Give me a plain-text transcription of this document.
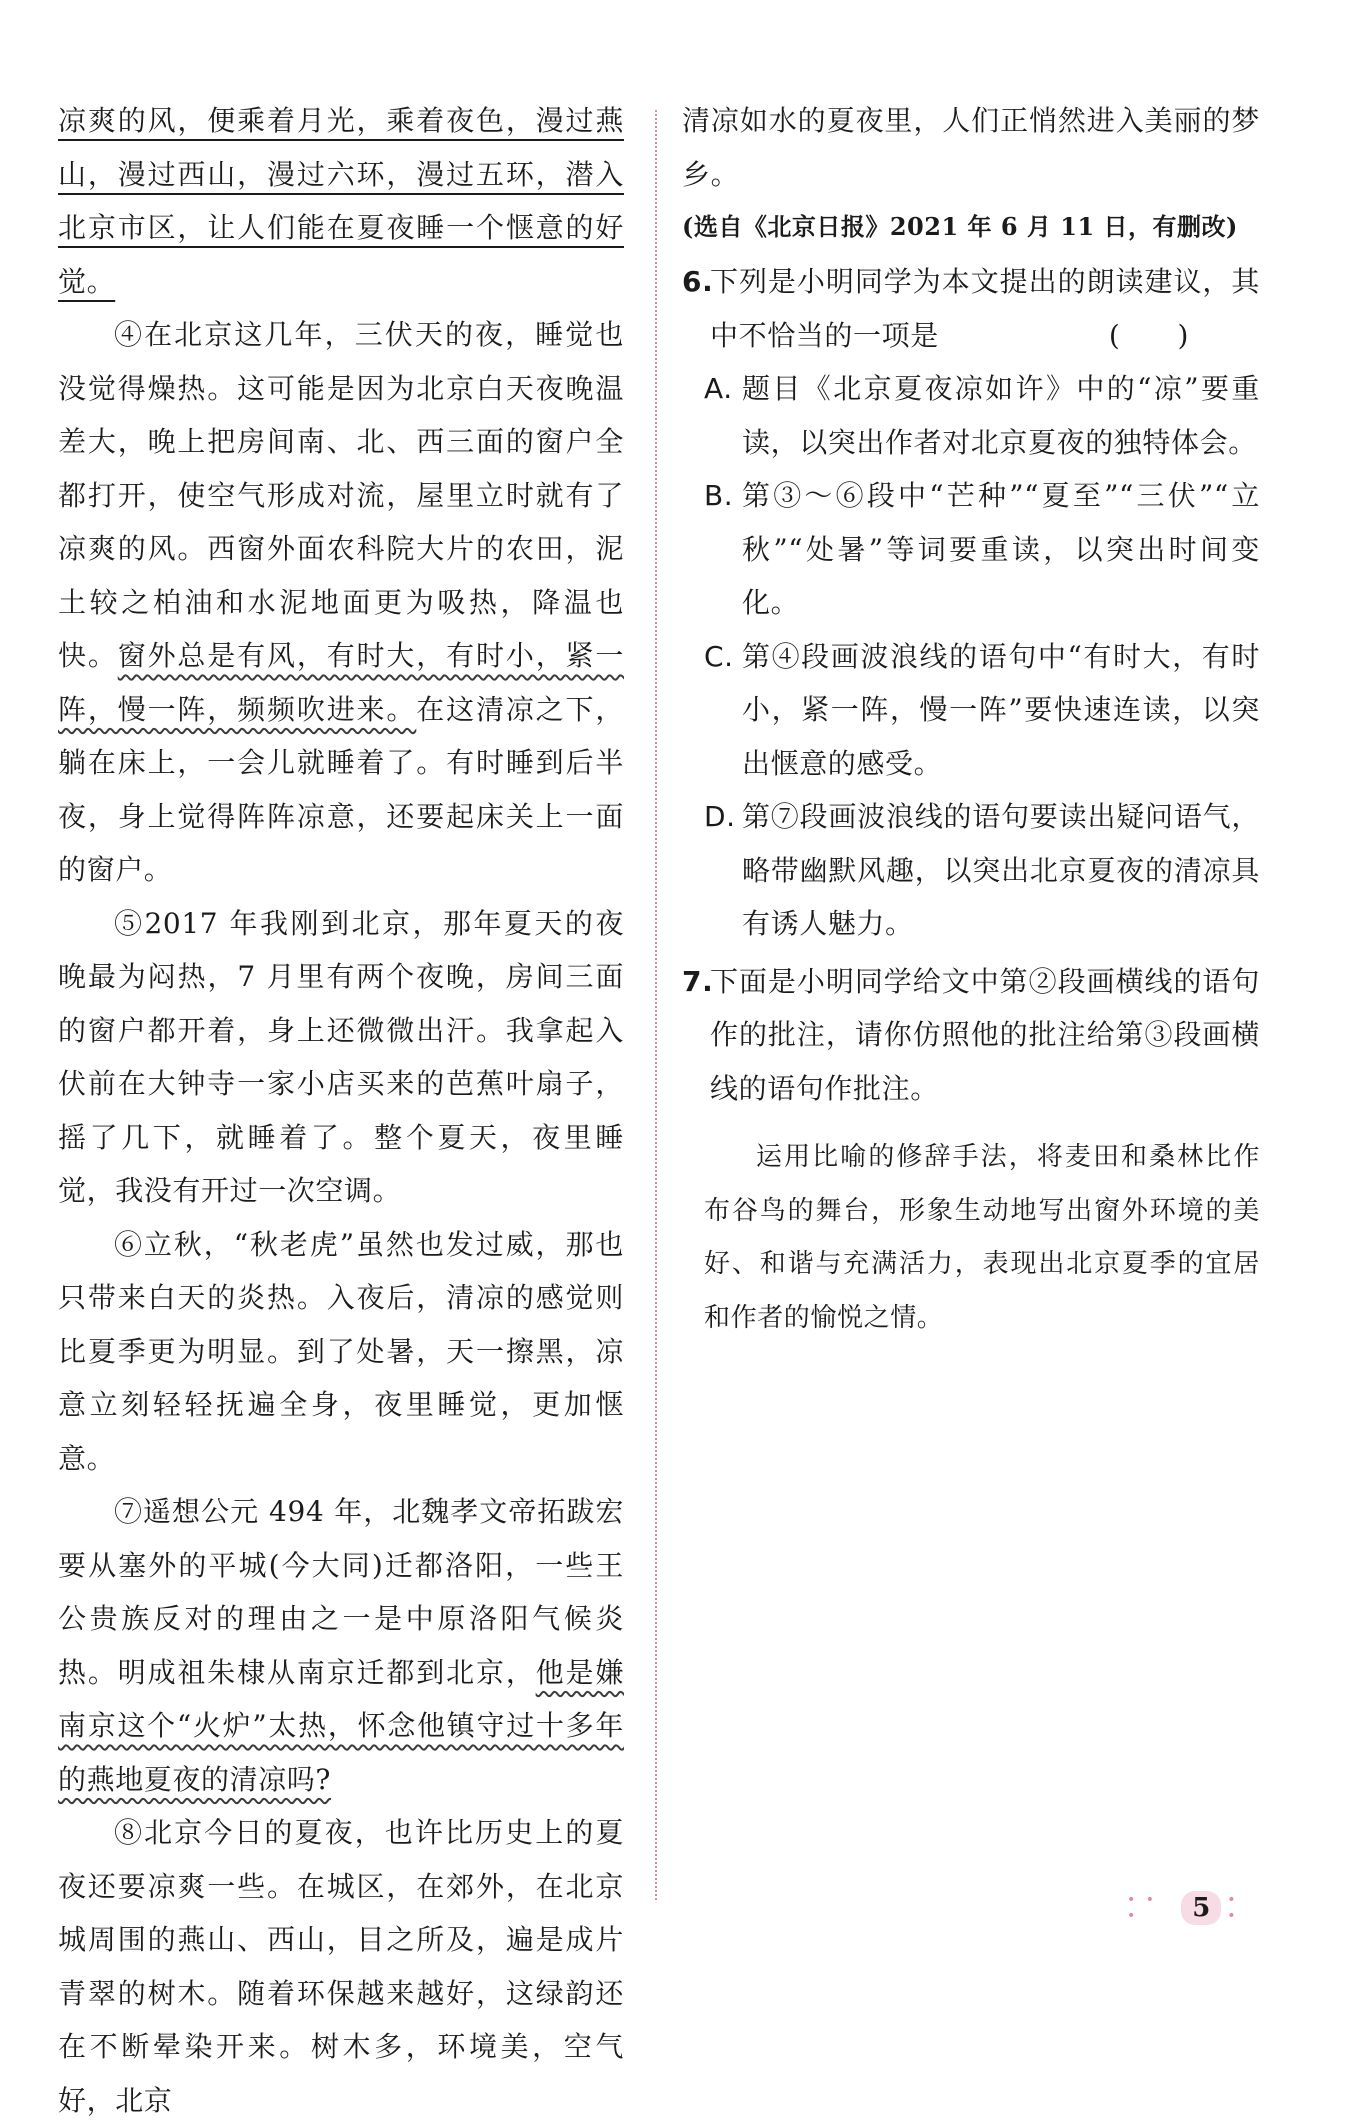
凉爽的风，便乘着月光，乘着夜色，漫过燕山，漫过西山，漫过六环，漫过五环，潜入北京市区，让人们能在夏夜睡一个惬意的好觉。

④在北京这几年，三伏天的夜，睡觉也没觉得燥热。这可能是因为北京白天夜晚温差大，晚上把房间南、北、西三面的窗户全都打开，使空气形成对流，屋里立时就有了凉爽的风。西窗外面农科院大片的农田，泥土较之柏油和水泥地面更为吸热，降温也快。窗外总是有风，有时大，有时小，紧一阵，慢一阵，频频吹进来。在这清凉之下，躺在床上，一会儿就睡着了。有时睡到后半夜，身上觉得阵阵凉意，还要起床关上一面的窗户。

⑤2017 年我刚到北京，那年夏天的夜晚最为闷热，7 月里有两个夜晚，房间三面的窗户都开着，身上还微微出汗。我拿起入伏前在大钟寺一家小店买来的芭蕉叶扇子，摇了几下，就睡着了。整个夏天，夜里睡觉，我没有开过一次空调。

⑥立秋，“秋老虎”虽然也发过威，那也只带来白天的炎热。入夜后，清凉的感觉则比夏季更为明显。到了处暑，天一擦黑，凉意立刻轻轻抚遍全身，夜里睡觉，更加惬意。

⑦遥想公元 494 年，北魏孝文帝拓跋宏要从塞外的平城(今大同)迁都洛阳，一些王公贵族反对的理由之一是中原洛阳气候炎热。明成祖朱棣从南京迁都到北京，他是嫌南京这个“火炉”太热，怀念他镇守过十多年的燕地夏夜的清凉吗?

⑧北京今日的夏夜，也许比历史上的夏夜还要凉爽一些。在城区，在郊外，在北京城周围的燕山、西山，目之所及，遍是成片青翠的树木。随着环保越来越好，这绿韵还在不断晕染开来。树木多，环境美，空气好，北京

清凉如水的夏夜里，人们正悄然进入美丽的梦乡。

(选自《北京日报》2021 年 6 月 11 日，有删改)

6.
下列是小明同学为本文提出的朗读建议，其中不恰当的一项是	(　　)
A. 题目《北京夏夜凉如许》中的“凉”要重读，以突出作者对北京夏夜的独特体会。
B. 第③～⑥段中“芒种”“夏至”“三伏”“立秋”“处暑”等词要重读，以突出时间变化。
C. 第④段画波浪线的语句中“有时大，有时小，紧一阵，慢一阵”要快速连读，以突出惬意的感受。
D. 第⑦段画波浪线的语句要读出疑问语气，略带幽默风趣，以突出北京夏夜的清凉具有诱人魅力。
7.
下面是小明同学给文中第②段画横线的语句作的批注，请你仿照他的批注给第③段画横线的语句作批注。

运用比喻的修辞手法，将麦田和桑林比作布谷鸟的舞台，形象生动地写出窗外环境的美好、和谐与充满活力，表现出北京夏季的宜居和作者的愉悦之情。

• • •	5	• •
